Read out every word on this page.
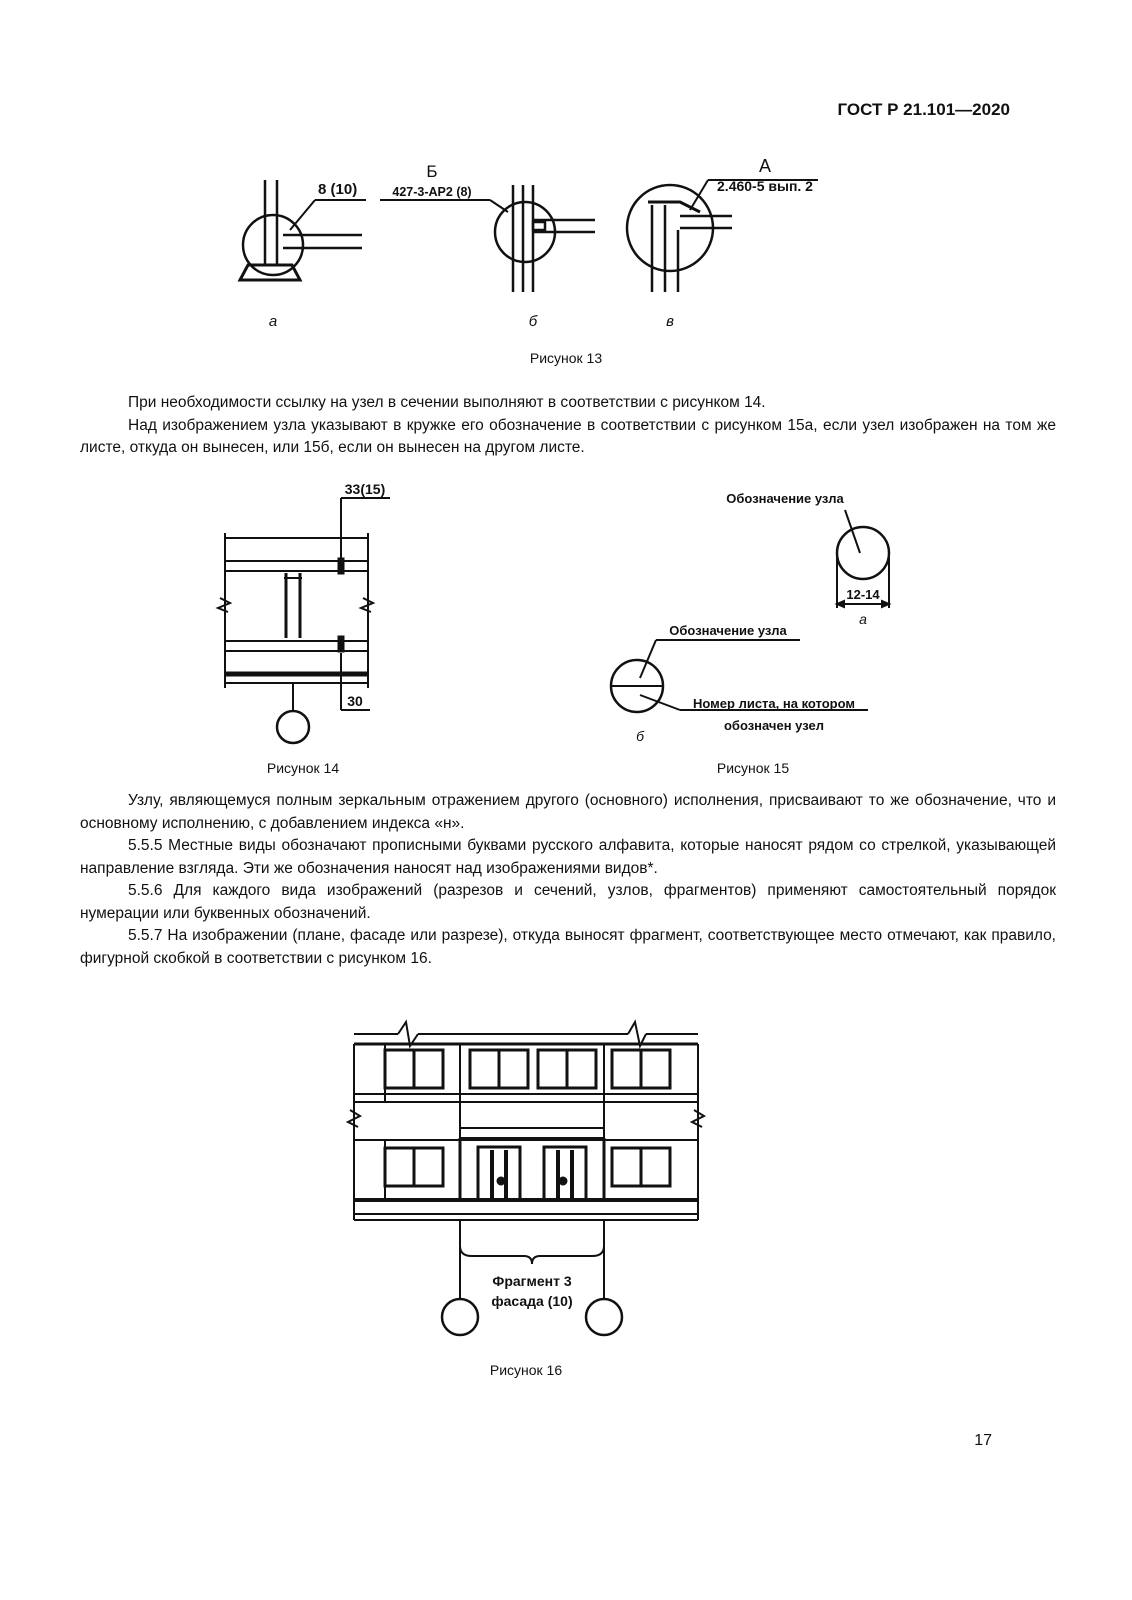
ГОСТ Р 21.101—2020
8 (10)
Б
427-3-АР2 (8)
А
2.460-5 вып. 2
а	б	в
Рисунок 13

При необходимости ссылку на узел в сечении выполняют в соответствии с рисунком 14.

Над изображением узла указывают в кружке его обозначение в соответствии с рисунком 15а, если узел изображен на том же листе, откуда он вынесен, или 15б, если он вынесен на другом листе.

33(15)
30
Рисунок 14
Обозначение узла
12-14
а
Обозначение узла
Номер листа, на котором
обозначен узел
б
Рисунок 15

Узлу, являющемуся полным зеркальным отражением другого (основного) исполнения, присваивают то же обозначение, что и основному исполнению, с добавлением индекса «н».

5.5.5 Местные виды обозначают прописными буквами русского алфавита, которые наносят рядом со стрелкой, указывающей направление взгляда. Эти же обозначения наносят над изображениями видов*.

5.5.6 Для каждого вида изображений (разрезов и сечений, узлов, фрагментов) применяют самостоятельный порядок нумерации или буквенных обозначений.

5.5.7 На изображении (плане, фасаде или разрезе), откуда выносят фрагмент, соответствующее место отмечают, как правило, фигурной скобкой в соответствии с рисунком 16.

Фрагмент 3
фасада (10)
Рисунок 16
17
